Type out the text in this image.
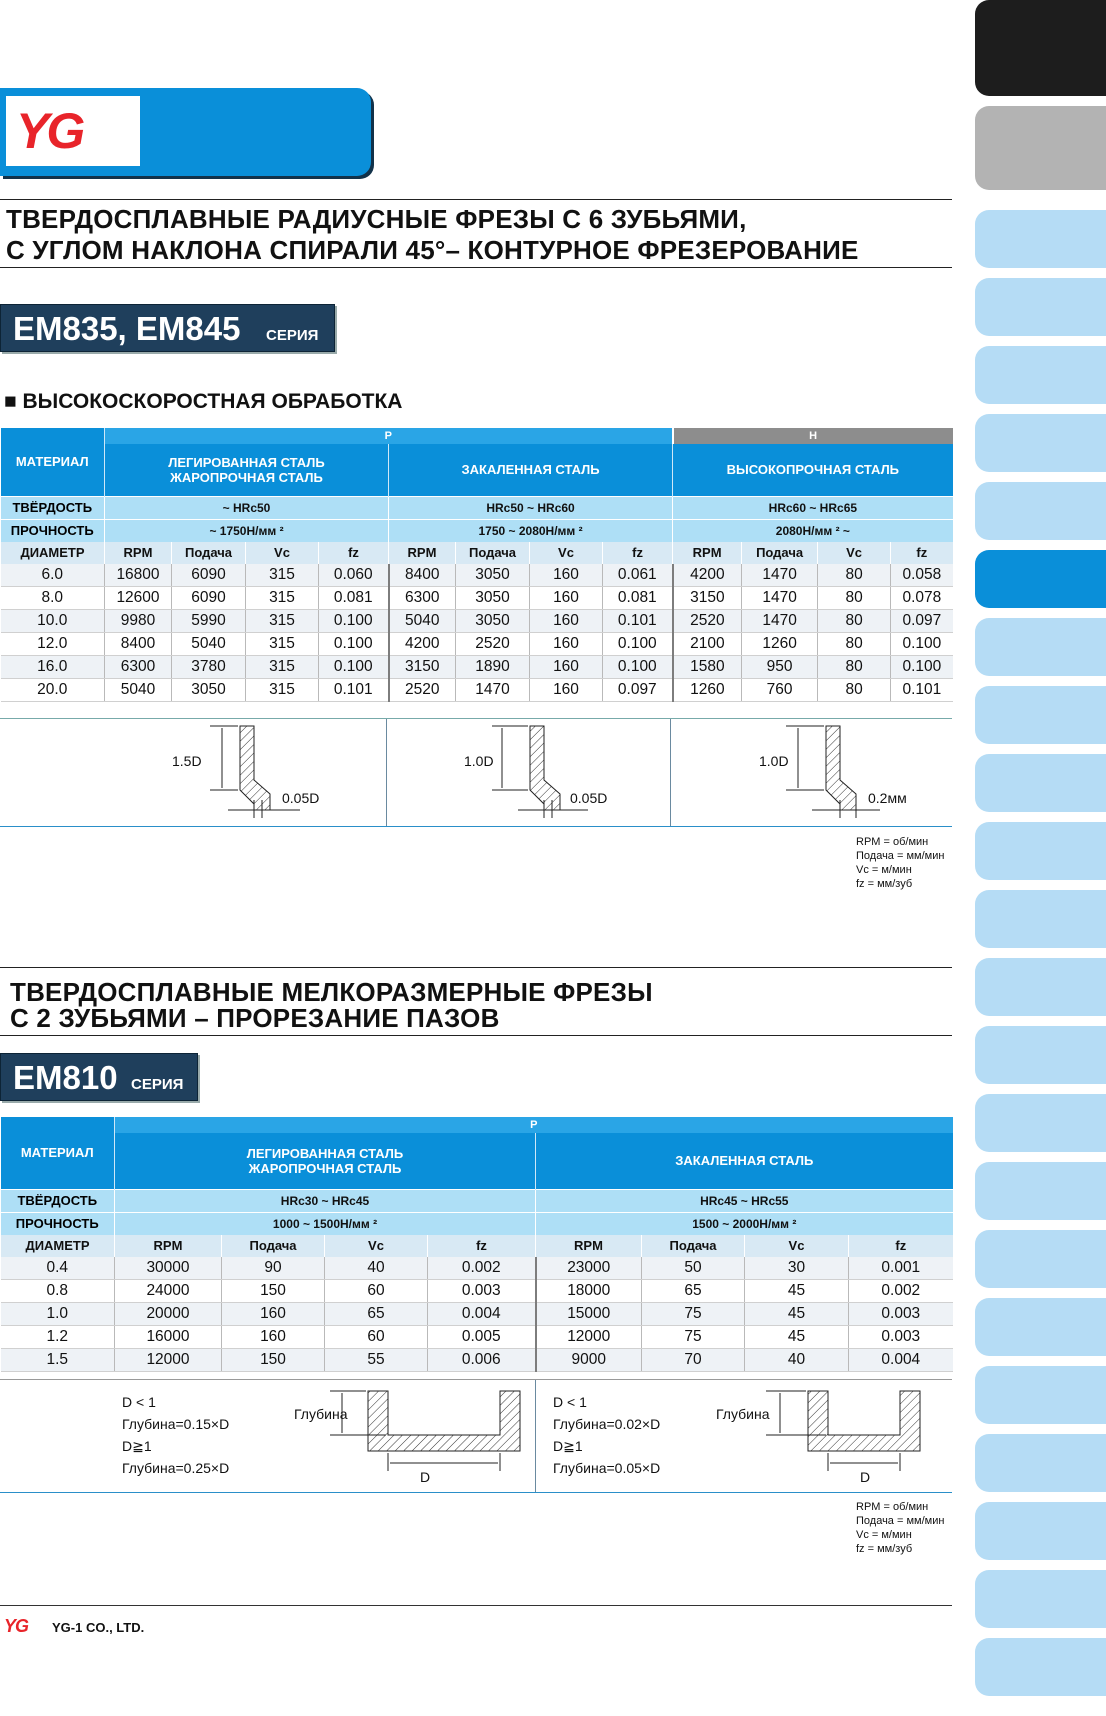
YG
ТВЕРДОСПЛАВНЫЕ РАДИУСНЫЕ ФРЕЗЫ С 6 ЗУБЬЯМИ,
С УГЛОМ НАКЛОНА СПИРАЛИ 45°– КОНТУРНОЕ ФРЕЗЕРОВАНИЕ
EM835, EM845 СЕРИЯ
■ ВЫСОКОСКОРОСТНАЯ ОБРАБОТКА
МАТЕРИАЛ	P								H			

	ЛЕГИРОВАННАЯ СТАЛЬ
ЖАРОПРОЧНАЯ СТАЛЬ				ЗАКАЛЕННАЯ СТАЛЬ				ВЫСОКОПРОЧНАЯ СТАЛЬ			
ТВЁРДОСТЬ	~ HRc50				HRc50 ~ HRc60				HRc60 ~ HRc65			
ПРОЧНОСТЬ	~ 1750Н/мм ²				1750 ~ 2080Н/мм ²				2080Н/мм ² ~			
ДИАМЕТР	RPM	Подача	Vc	fz	RPM	Подача	Vc	fz	RPM	Подача	Vc	fz
6.0	16800	6090	315	0.060	8400	3050	160	0.061	4200	1470	80	0.058
8.0	12600	6090	315	0.081	6300	3050	160	0.081	3150	1470	80	0.078
10.0	9980	5990	315	0.100	5040	3050	160	0.101	2520	1470	80	0.097
12.0	8400	5040	315	0.100	4200	2520	160	0.100	2100	1260	80	0.100
16.0	6300	3780	315	0.100	3150	1890	160	0.100	1580	950	80	0.100
20.0	5040	3050	315	0.101	2520	1470	160	0.097	1260	760	80	0.101
1.5D
0.05D
1.0D
0.05D
1.0D
0.2мм
RPM = об/мин
Подача = мм/мин
Vc = м/мин
fz = мм/зуб
ТВЕРДОСПЛАВНЫЕ МЕЛКОРАЗМЕРНЫЕ ФРЕЗЫ
С 2 ЗУБЬЯМИ – ПРОРЕЗАНИЕ ПАЗОВ
EM810 СЕРИЯ
МАТЕРИАЛ	P							

	ЛЕГИРОВАННАЯ СТАЛЬ
ЖАРОПРОЧНАЯ СТАЛЬ				ЗАКАЛЕННАЯ СТАЛЬ			
ТВЁРДОСТЬ	HRc30 ~ HRc45				HRc45 ~ HRc55			
ПРОЧНОСТЬ	1000 ~ 1500Н/мм ²				1500 ~ 2000Н/мм ²			
ДИАМЕТР	RPM	Подача	Vc	fz	RPM	Подача	Vc	fz
0.4	30000	90	40	0.002	23000	50	30	0.001
0.8	24000	150	60	0.003	18000	65	45	0.002
1.0	20000	160	65	0.004	15000	75	45	0.003
1.2	16000	160	60	0.005	12000	75	45	0.003
1.5	12000	150	55	0.006	9000	70	40	0.004
D < 1
Глубина=0.15×D
D≧1
Глубина=0.25×D
D < 1
Глубина=0.02×D
D≧1
Глубина=0.05×D
Глубина
D
Глубина
D
RPM = об/мин
Подача = мм/мин
Vc = м/мин
fz = мм/зуб
YG YG-1 CO., LTD.
